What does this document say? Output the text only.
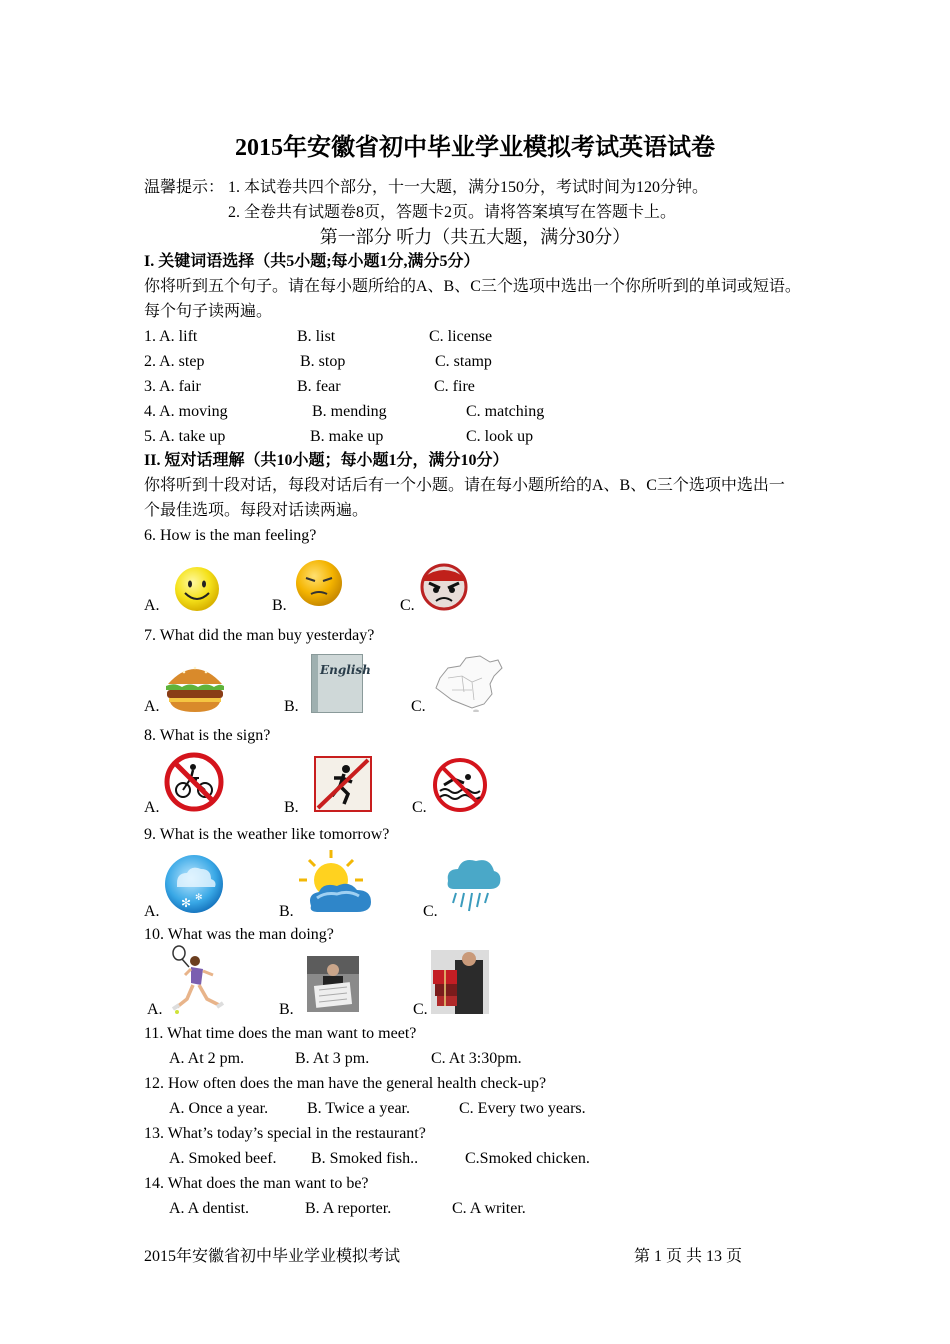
2015年安徽省初中毕业学业模拟考试英语试卷
温馨提示： 1. 本试卷共四个部分，十一大题，满分150分，考试时间为120分钟。
2. 全卷共有试题卷8页，答题卡2页。请将答案填写在答题卡上。
第一部分 听力（共五大题，满分30分）
I. 关键词语选择（共5小题;每小题1分,满分5分）
你将听到五个句子。请在每小题所给的A、B、C三个选项中选出一个你所听到的单词或短语。
每个句子读两遍。
1. A. lift	B. list	C. license
2. A. step	B. stop	C. stamp
3. A. fair	B. fear	C. fire
4. A. moving	B. mending	C. matching
5. A. take up	B. make up	C. look up
II. 短对话理解（共10小题；每小题1分，满分10分）
你将听到十段对话，每段对话后有一个小题。请在每小题所给的A、B、C三个选项中选出一
个最佳选项。每段对话读两遍。
6. How is the man feeling?
A.	B.	C.
7. What did the man buy yesterday?
A.	B.
English
C.
8. What is the sign?
A.	B.	C.
9. What is the weather like tomorrow?
A. ✻ ✻
B.	C.
10. What was the man doing?
A.	B.	C.
11. What time does the man want to meet?
A. At 2 pm.	B. At 3 pm.	C. At 3:30pm.
12. How often does the man have the general health check-up?
A. Once a year. B. Twice a year.	C. Every two years.
13. What’s today’s special in the restaurant?
A. Smoked beef. B. Smoked fish..	C.Smoked chicken.
14. What does the man want to be?
A. A dentist.	B. A reporter.	C. A writer.
2015年安徽省初中毕业学业模拟考试	第 1 页 共 13 页
